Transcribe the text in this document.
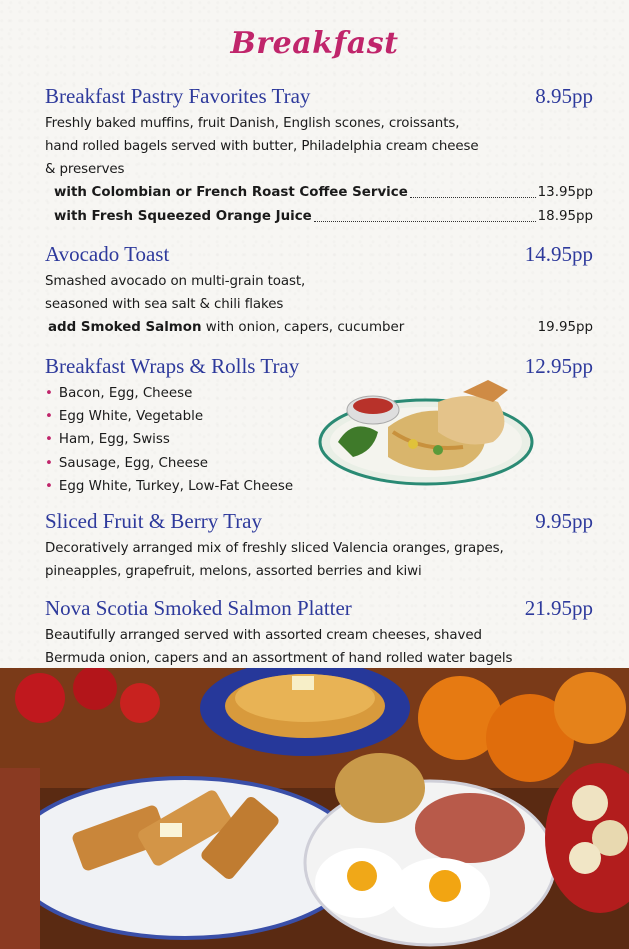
Breakfast
Breakfast Pastry Favorites Tray	8.95pp
Freshly baked muffins, fruit Danish, English scones, croissants,
hand rolled bagels served with butter, Philadelphia cream cheese
& preserves
with Colombian or French Roast Coffee Service	13.95pp
with Fresh Squeezed Orange Juice	18.95pp
Avocado Toast	14.95pp
Smashed avocado on multi-grain toast,
seasoned with sea salt & chili flakes
add Smoked Salmon with onion, capers, cucumber	19.95pp
Breakfast Wraps & Rolls Tray	12.95pp
• Bacon, Egg, Cheese
• Egg White, Vegetable
• Ham, Egg, Swiss
• Sausage, Egg, Cheese
• Egg White, Turkey, Low-Fat Cheese
Sliced Fruit & Berry Tray	9.95pp
Decoratively arranged mix of freshly sliced Valencia oranges, grapes,
pineapples, grapefruit, melons, assorted berries and kiwi
Nova Scotia Smoked Salmon Platter	21.95pp
Beautifully arranged served with assorted cream cheeses, shaved
Bermuda onion, capers and an assortment of hand rolled water bagels
